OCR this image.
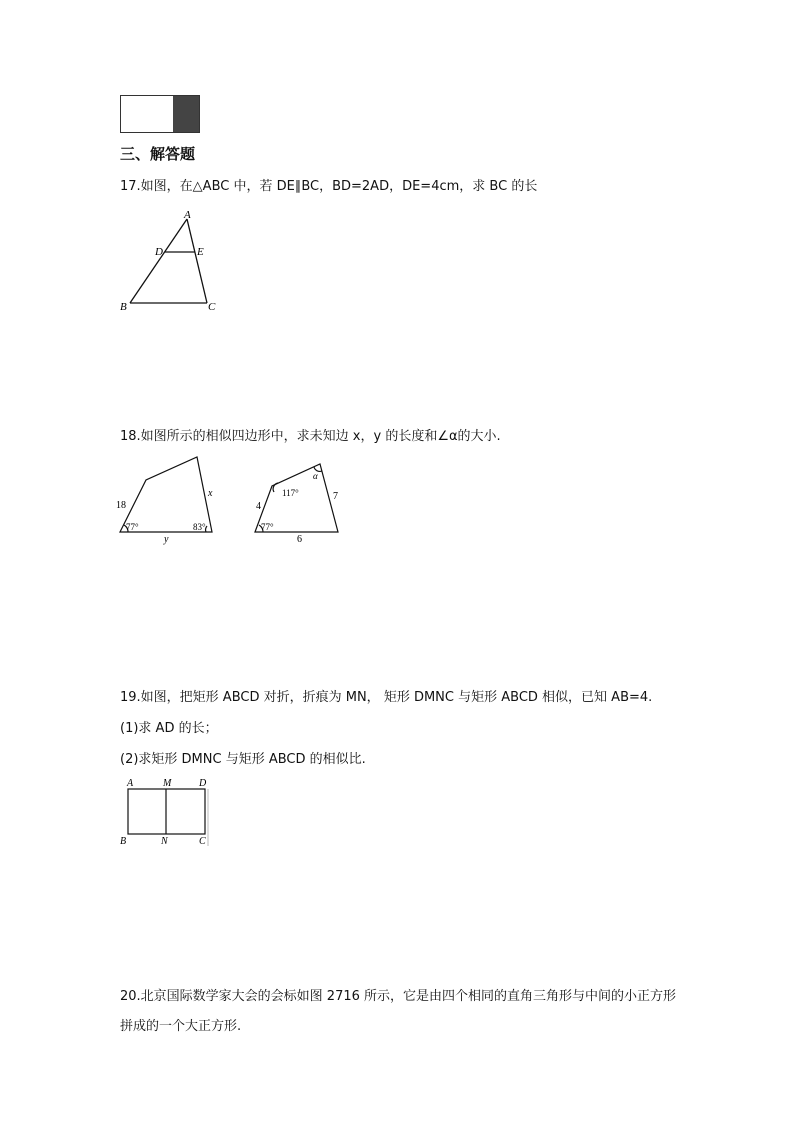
三、解答题
17.如图，在△ABC 中，若 DE∥BC，BD=2AD，DE=4cm，求 BC 的长
A
D	E
B	C
18.如图所示的相似四边形中，求未知边 x，y 的长度和∠α的大小.
18
x
y
77°	83°
4
7
6
77°
117°
α
19.如图，把矩形 ABCD 对折，折痕为 MN， 矩形 DMNC 与矩形 ABCD 相似，已知 AB=4.
(1)求 AD 的长；
(2)求矩形 DMNC 与矩形 ABCD 的相似比.
A	M	D
B	N	C
20.北京国际数学家大会的会标如图 2716 所示，它是由四个相同的直角三角形与中间的小正方形拼成的一个大正方形.
